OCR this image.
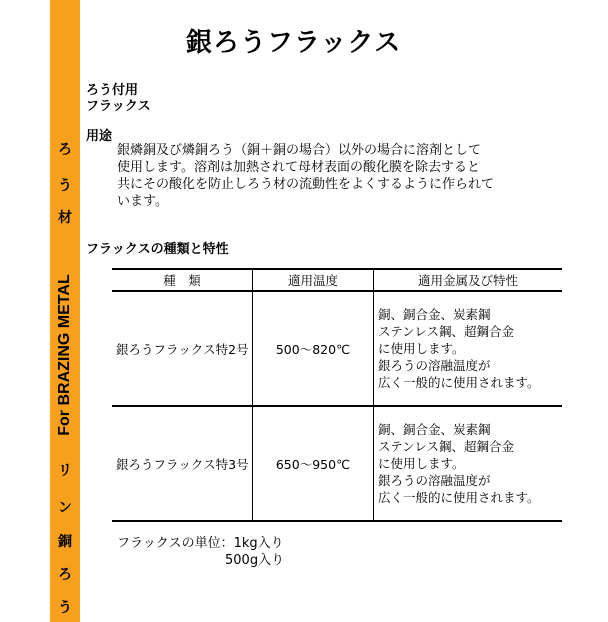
ろ
う
材
For BRAZING METAL
リ
ン
銅
ろ
う
銀ろうフラックス
ろう付用
フラックス
用途
銀燐銅及び燐銅ろう（銅＋銅の場合）以外の場合に溶剤として
使用します。溶剤は加熱されて母材表面の酸化膜を除去すると
共にその酸化を防止しろう材の流動性をよくするように作られて
います。
フラックスの種類と特性
種　類	適用温度	適用金属及び特性
銀ろうフラックス特2号	500～820℃	銅、銅合金、炭素鋼
ステンレス鋼、超鋼合金
に使用します。
銀ろうの溶融温度が
広く一般的に使用されます。

銀ろうフラックス特3号	650～950℃	銅、銅合金、炭素鋼
ステンレス鋼、超鋼合金
に使用します。
銀ろうの溶融温度が
広く一般的に使用されます。
フラックスの単位：1kg入り
500g入り
